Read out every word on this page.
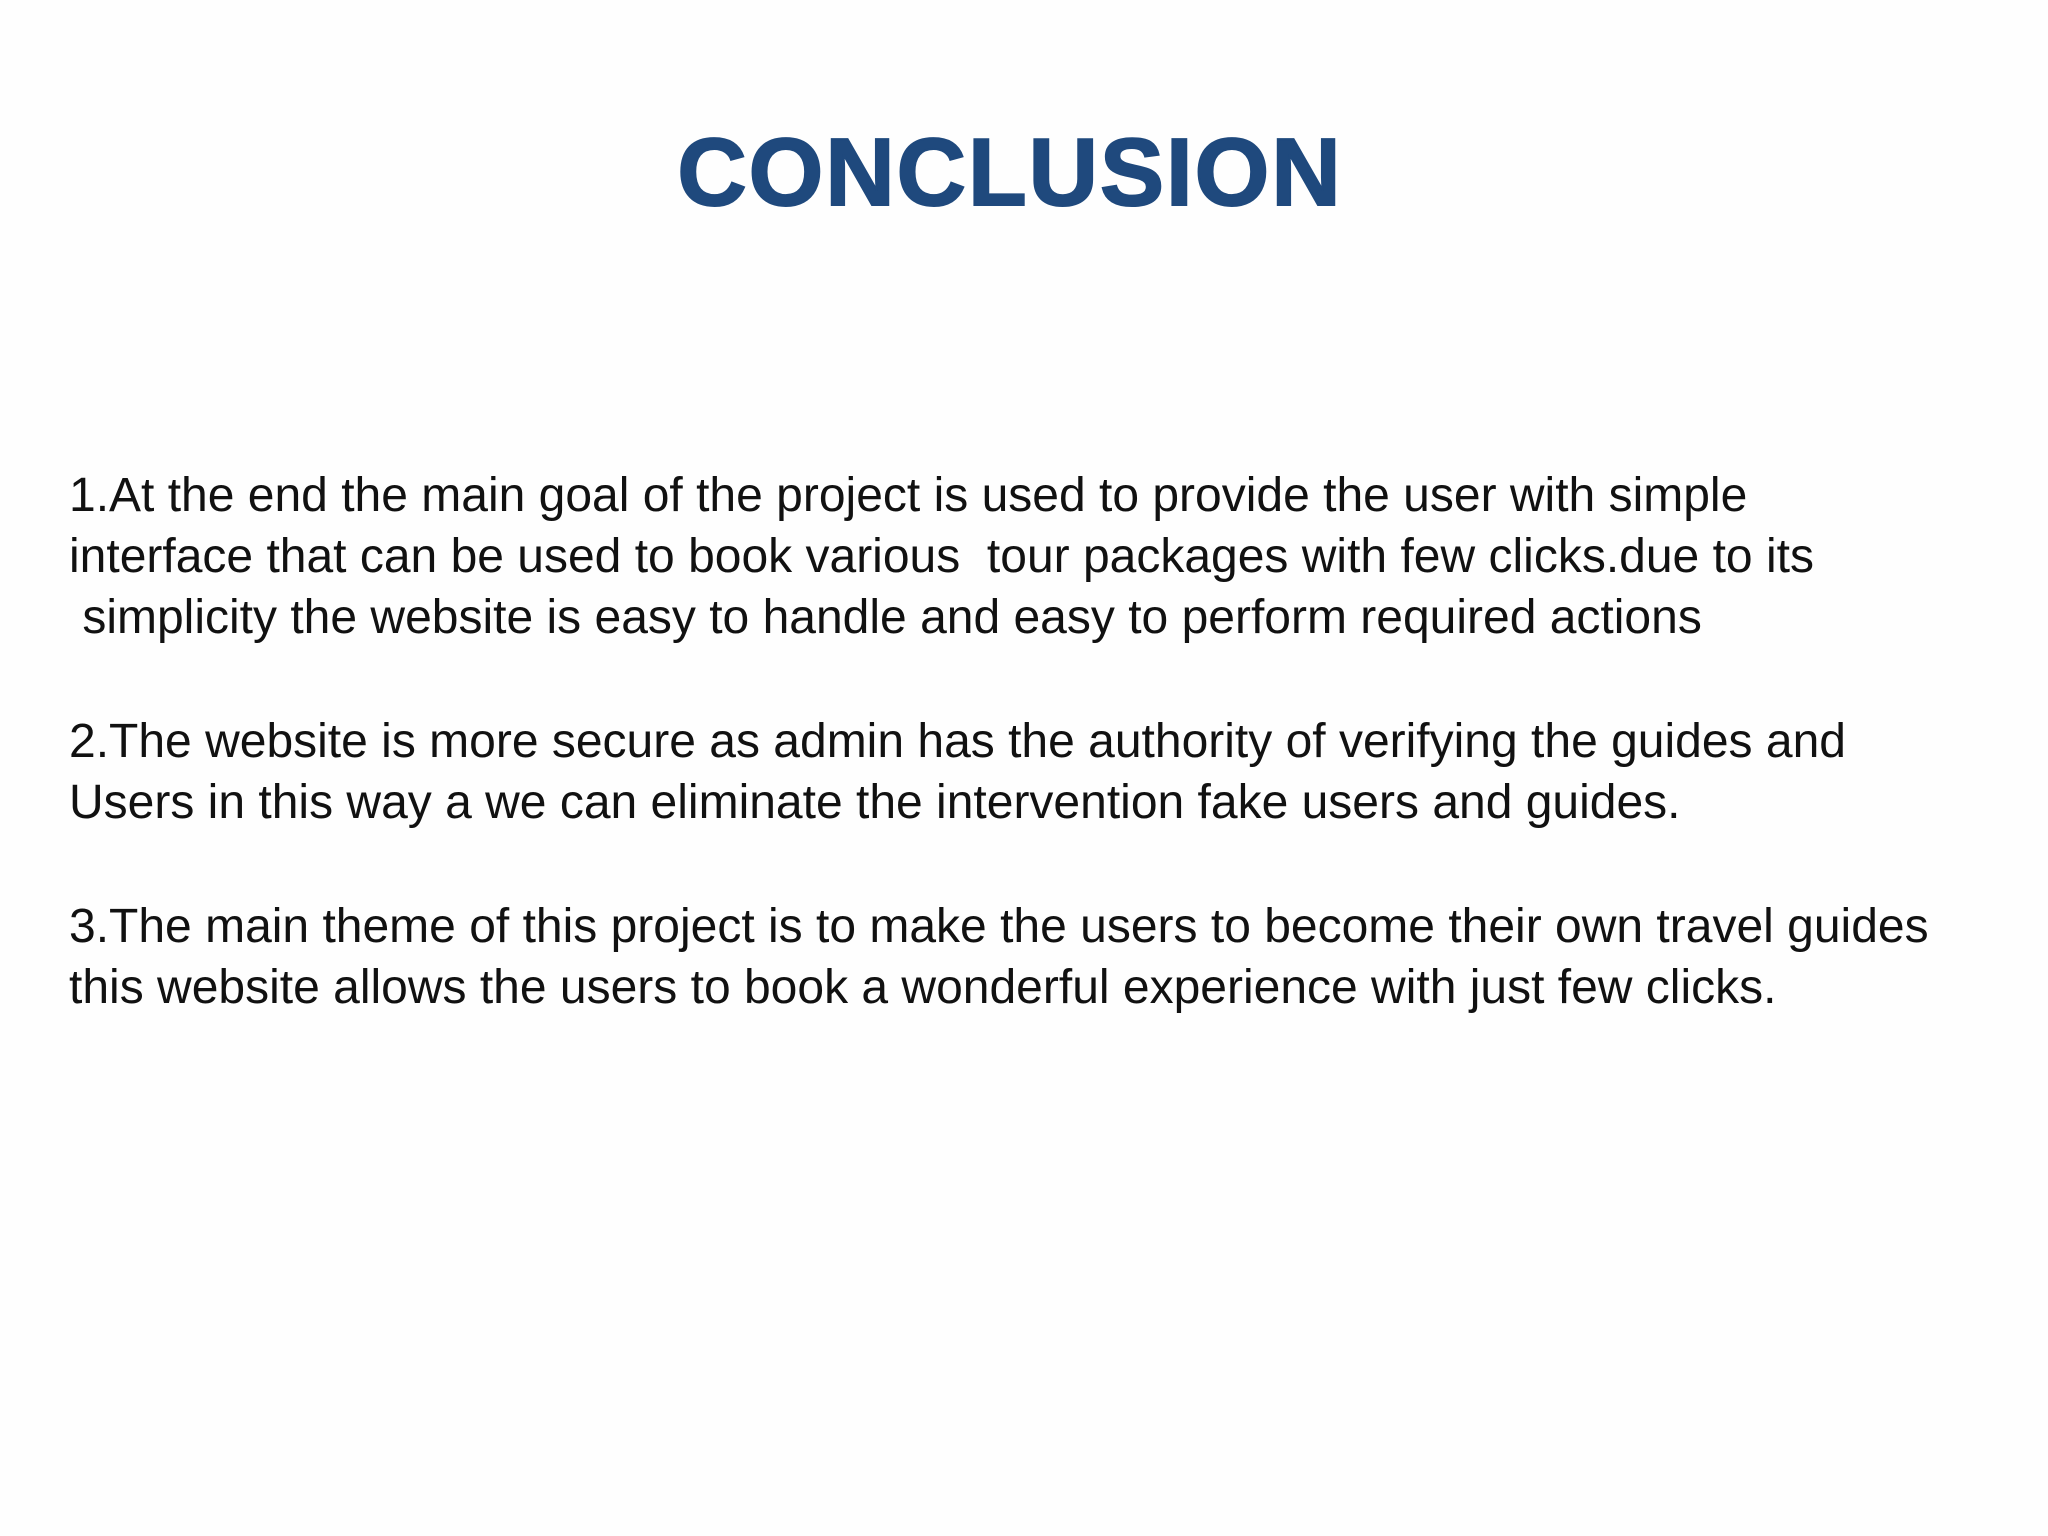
CONCLUSION

1.At the end the main goal of the project is used to provide the user with simple
interface that can be used to book various  tour packages with few clicks.due to its
simplicity the website is easy to handle and easy to perform required actions

2.The website is more secure as admin has the authority of verifying the guides and
Users in this way a we can eliminate the intervention fake users and guides.

3.The main theme of this project is to make the users to become their own travel guides
this website allows the users to book a wonderful experience with just few clicks.
